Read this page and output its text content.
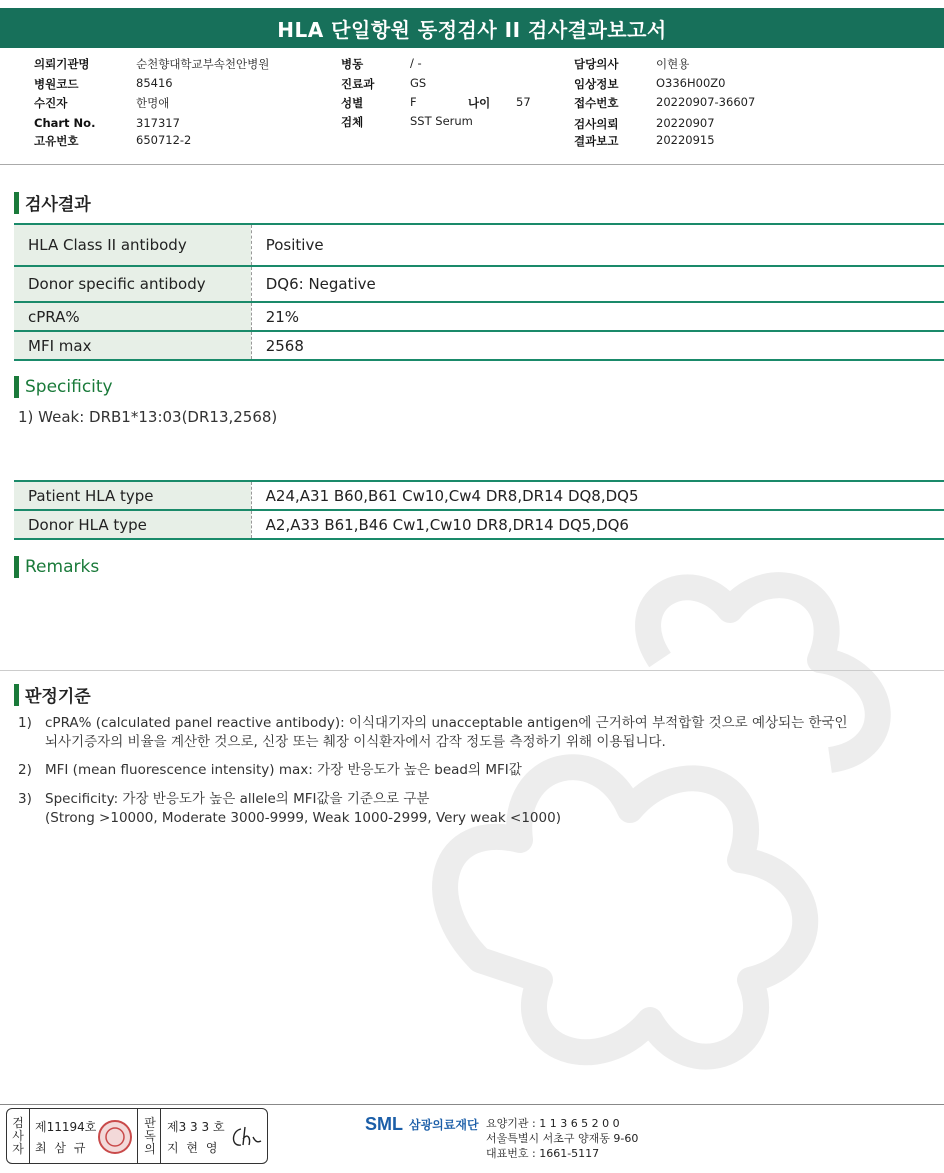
HLA 단일항원 동정검사 II 검사결과보고서
의뢰기관명	순천향대학교부속천안병원
병원코드	85416
수진자	한명애
Chart No.	317317
고유번호	650712-2
병동	/ -
진료과	GS
성별	F	나이 57
검체	SST Serum
담당의사	이현용
임상정보	O336H00Z0
접수번호	20220907-36607
검사의뢰	20220907
결과보고	20220915
검사결과
HLA Class II antibody	Positive
Donor specific antibody	DQ6: Negative
cPRA%	21%
MFI max	2568
Specificity
1) Weak: DRB1*13:03(DR13,2568)
Patient HLA type	A24,A31 B60,B61 Cw10,Cw4 DR8,DR14 DQ8,DQ5
Donor HLA type	A2,A33 B61,B46 Cw1,Cw10 DR8,DR14 DQ5,DQ6
Remarks
판정기준
1) cPRA% (calculated panel reactive antibody): 이식대기자의 unacceptable antigen에 근거하여 부적합할 것으로 예상되는 한국인
뇌사기증자의 비율을 계산한 것으로, 신장 또는 췌장 이식환자에서 감작 정도를 측정하기 위해 이용됩니다.
2) MFI (mean fluorescence intensity) max: 가장 반응도가 높은 bead의 MFI값
3) Specificity: 가장 반응도가 높은 allele의 MFI값을 기준으로 구분
(Strong >10000, Moderate 3000-9999, Weak 1000-2999, Very weak <1000)
검사자
제11194호
최 삼 규
판독의
제3 3 3 호
지 현 영
SML 삼광의료재단 요양기관 : 1 1 3 6 5 2 0 0
서울특별시 서초구 양재동 9-60
대표번호 : 1661-5117
